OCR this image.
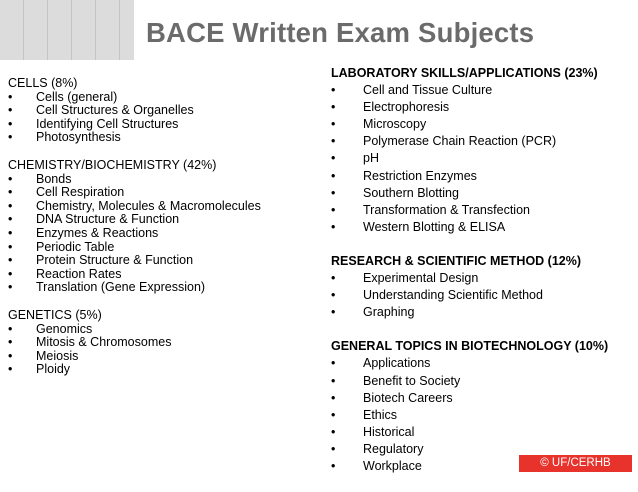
BACE Written Exam Subjects
CELLS (8%)
• Cells (general)
• Cell Structures & Organelles
• Identifying Cell Structures
• Photosynthesis
CHEMISTRY/BIOCHEMISTRY (42%)
• Bonds
• Cell Respiration
• Chemistry, Molecules & Macromolecules
• DNA Structure & Function
• Enzymes & Reactions
• Periodic Table
• Protein Structure & Function
• Reaction Rates
• Translation (Gene Expression)
GENETICS (5%)
• Genomics
• Mitosis & Chromosomes
• Meiosis
• Ploidy
LABORATORY SKILLS/APPLICATIONS (23%)
• Cell and Tissue Culture
• Electrophoresis
• Microscopy
• Polymerase Chain Reaction (PCR)
• pH
• Restriction Enzymes
• Southern Blotting
• Transformation & Transfection
• Western Blotting & ELISA
RESEARCH & SCIENTIFIC METHOD (12%)
• Experimental Design
• Understanding Scientific Method
• Graphing
GENERAL TOPICS IN BIOTECHNOLOGY (10%)
• Applications
• Benefit to Society
• Biotech Careers
• Ethics
• Historical
• Regulatory
• Workplace	© UF/CERHB
